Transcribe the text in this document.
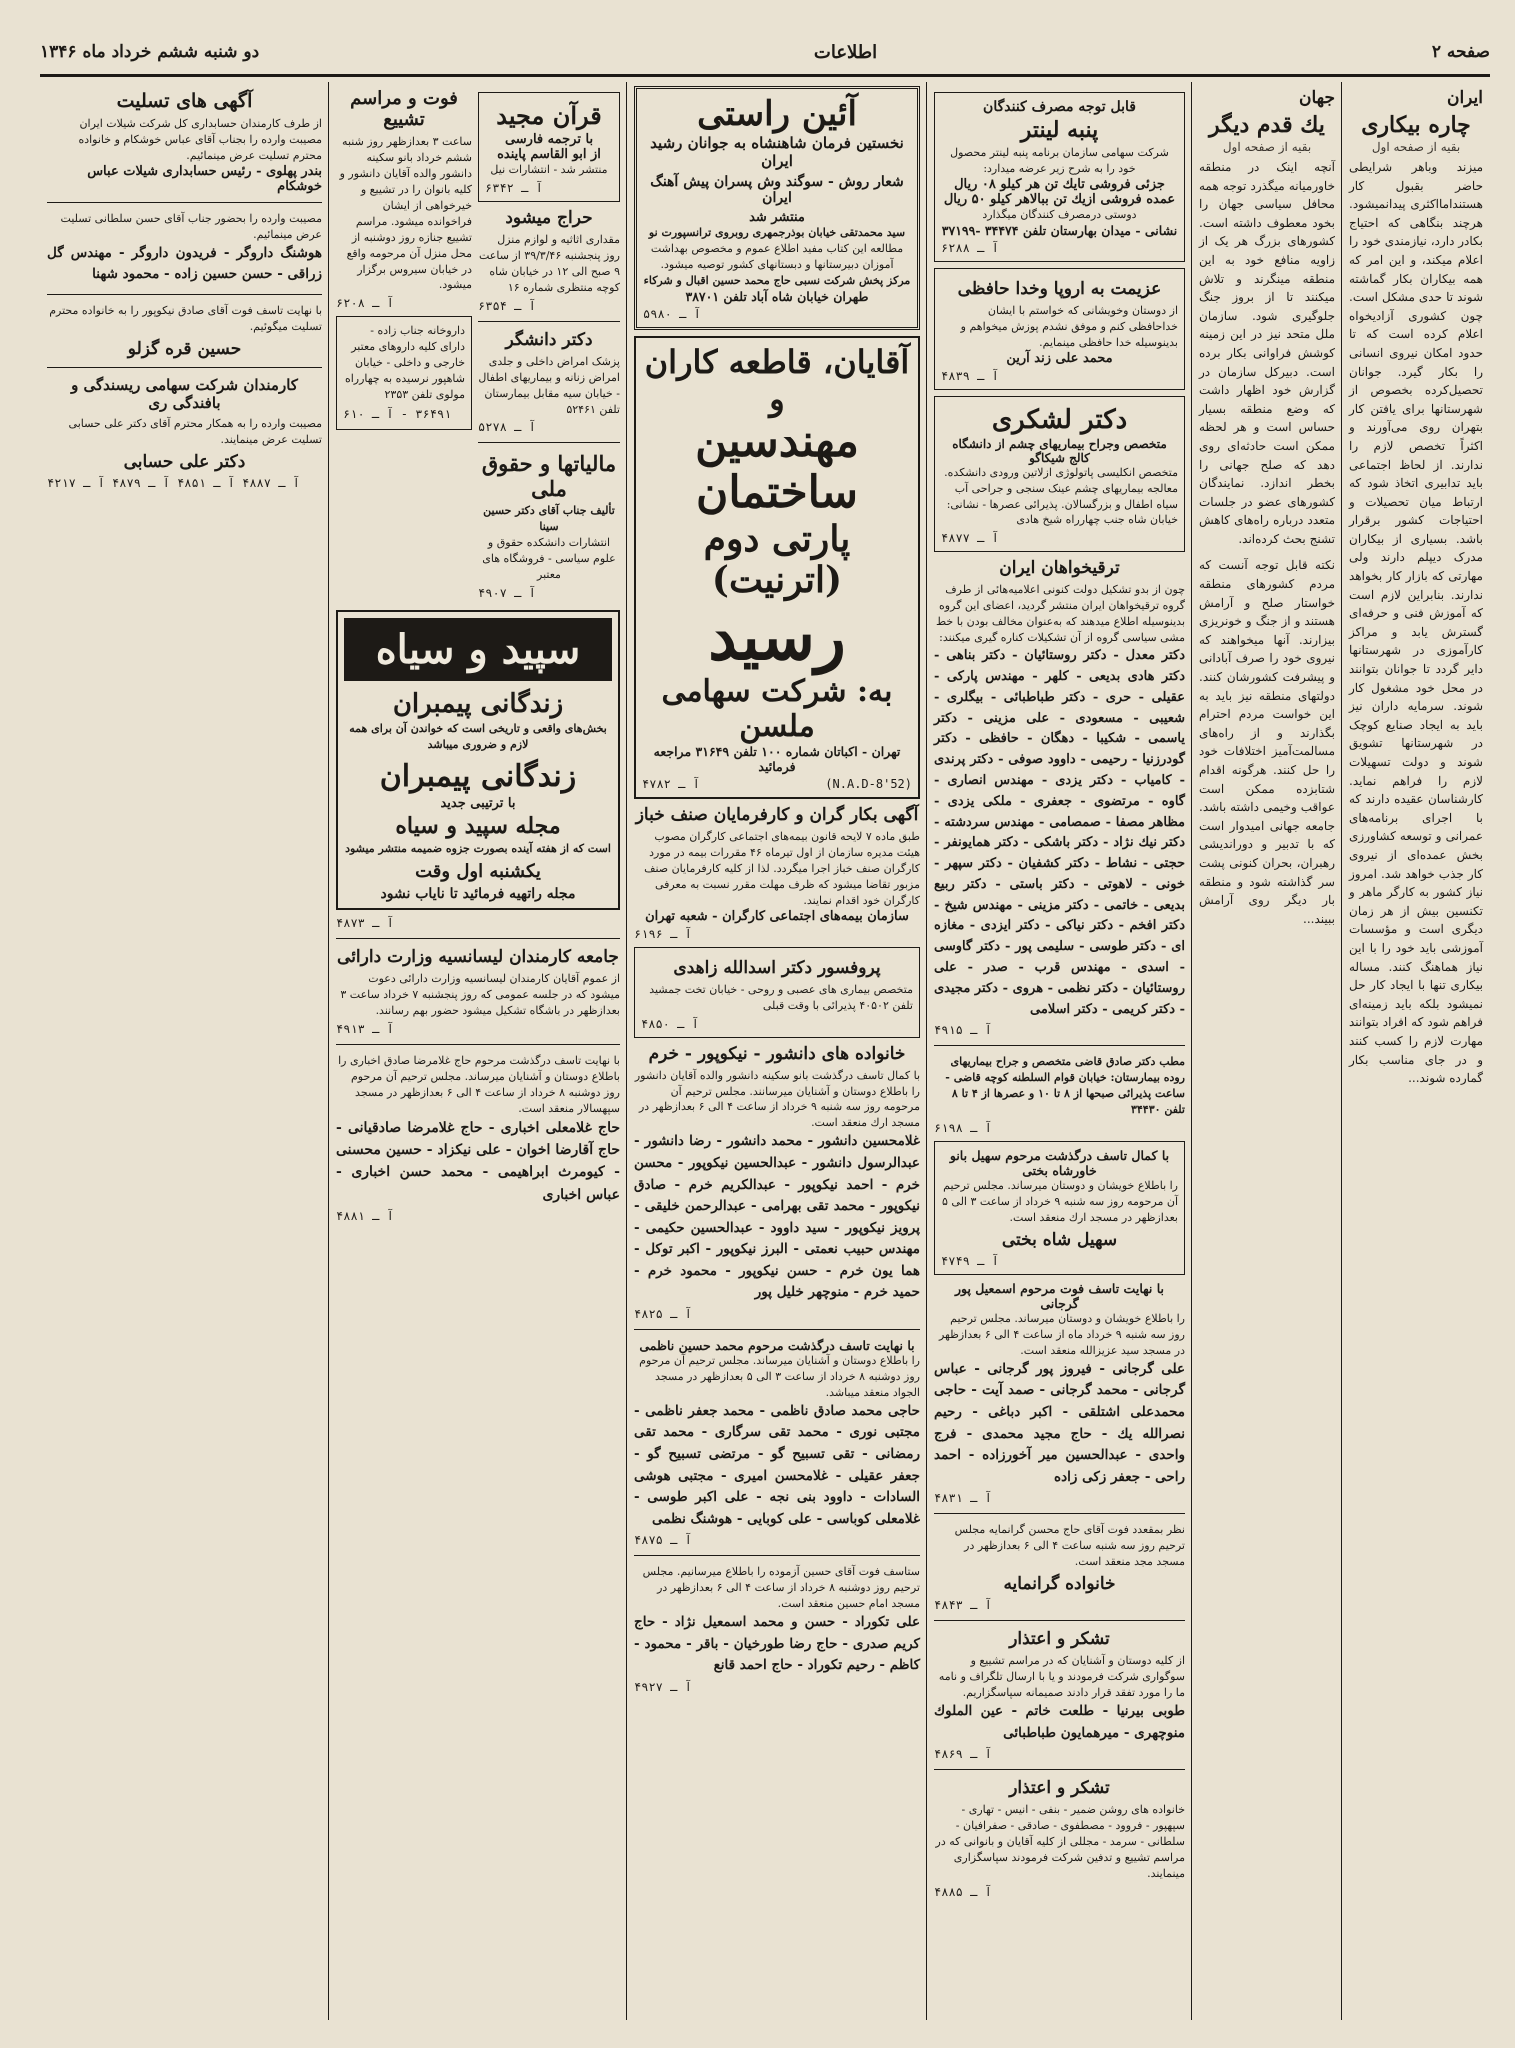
صفحه ۲
اطلاعات
دو شنبه ششم خرداد ماه ۱۳۴۶
ایران
چاره‌ بیکاری
بقیه از صفحه اول
میزند وباهر شرایطی حاضر بقبول کار هستندامااکثری پیدانمیشود. هرچند بنگاهی که احتیاج بکادر دارد، نیازمندی خود را اعلام میکند، و این امر که همه بیکاران بکار گماشته شوند تا حدی مشکل است. چون کشوری آزادیخواه اعلام کرده‌ است که تا حدود امکان نیروی انسانی را بکار گیرد. جوانان تحصیل‌کرده بخصوص از شهرستانها برای یافتن کار بتهران روی می‌آورند و اکثراً تخصص لازم را ندارند. از لحاظ اجتماعی باید تدابیری اتخاذ شود که ارتباط میان تحصیلات و احتیاجات کشور برقرار باشد. بسیاری از بیکاران مدرک دیپلم دارند ولی مهارتی که بازار کار بخواهد ندارند. بنابراین لازم است که آموزش فنی و حرفه‌ای گسترش یابد و مراکز کارآموزی در شهرستانها دایر گردد تا جوانان بتوانند در محل خود مشغول کار شوند. سرمایه‌ داران نیز باید به ایجاد صنایع کوچک در شهرستانها تشویق شوند و دولت تسهیلات لازم را فراهم نماید. کارشناسان عقیده دارند که با اجرای برنامه‌های عمرانی و توسعه کشاورزی بخش عمده‌ای از نیروی کار جذب خواهد شد. امروز نیاز کشور به کارگر ماهر و تکنسین بیش از هر زمان دیگری است و مؤسسات آموزشی باید خود را با این نیاز هماهنگ کنند. مساله‌ بیکاری تنها با ایجاد کار حل نمیشود بلکه باید زمینه‌ای فراهم شود که افراد بتوانند مهارت لازم را کسب کنند و در جای مناسب بکار گمارده شوند...
جهان
یك قدم دیگر
بقیه از صفحه اول
آنچه اینک در منطقه خاورمیانه میگذرد توجه همه محافل سیاسی جهان را بخود معطوف داشته است. کشورهای بزرگ هر یک از زاویه منافع خود به این منطقه مینگرند و تلاش میکنند تا از بروز جنگ جلوگیری شود. سازمان ملل متحد نیز در این زمینه کوشش فراوانی بکار برده است. دبیرکل سازمان در گزارش خود اظهار داشت که وضع منطقه بسیار حساس است و هر لحظه ممکن است حادثه‌ای روی دهد که صلح جهانی را بخطر اندازد. نمایندگان کشورهای عضو در جلسات متعدد درباره راه‌های کاهش تشنج بحث کرده‌اند.
نکته قابل توجه آنست که مردم کشورهای منطقه خواستار صلح و آرامش هستند و از جنگ و خونریزی بیزارند. آنها میخواهند که نیروی خود را صرف آبادانی و پیشرفت کشورشان کنند. دولتهای منطقه نیز باید به این خواست مردم احترام بگذارند و از راه‌های مسالمت‌آمیز اختلافات خود را حل کنند. هرگونه اقدام شتابزده ممکن است عواقب وخیمی داشته باشد. جامعه جهانی امیدوار است که با تدبیر و دوراندیشی رهبران، بحران کنونی پشت سر گذاشته شود و منطقه بار دیگر روی آرامش ببیند...
قابل توجه مصرف کنندگان
پنبه لینتر
شرکت سهامی سازمان برنامه پنبه لینتر محصول خود را به شرح زیر عرضه میدارد:
جزئی فروشی تایك تن هر كیلو ۰۸ ریال
عمده فروشی ازیك تن ببالاهر كیلو ۵۰ ریال
دوستی درمصرف کنندگان میگذارد
نشانی - میدان بهارستان تلفن ۳۴۴۷۴ -۳۷۱۹۹
آ ـ ۶۲۸۸
عزیمت به اروپا وخدا حافظی
از دوستان وخویشانی که خواستم با ایشان خداحافظی کنم و موفق نشدم پوزش میخواهم و بدینوسیله خدا حافظی مینمایم.
محمد علی زند آرین
آ ـ ۴۸۳۹
دکتر لشکری
متخصص وجراح بیماریهای چشم از دانشگاه کالج شیکاگو
متخصص انکلیسی پاتولوژی ازلاتین ورودی دانشکده. معالجه بیماریهای چشم عینک سنجی و جراحی آب سیاه اطفال و بزرگسالان. پذیرائی عصرها - نشانی: خیابان شاه جنب چهارراه شیخ هادی
آ ـ ۴۸۷۷
ترقیخواهان ایران
چون از بدو تشکیل دولت کنونی اعلامیه‌هائی از طرف گروه ترقیخواهان ایران منتشر گردید، اعضای این گروه بدینوسیله اطلاع میدهند که به‌عنوان مخالف بودن با خط مشی سیاسی گروه از آن تشکیلات کناره گیری میکنند:
دکتر معدل - دکتر روستائیان - دکتر بناهی - دکتر هادی بدیعی - کلهر - مهندس پارکی - عقیلی - حری - دکتر طباطبائی - بیگلری - شعیبی - مسعودی - علی مزینی - دکتر یاسمی - شکیبا - دهگان - حافظی - دکتر گودرزنیا - رحیمی - داوود صوفی - دکتر پرندی - کامیاب - دکتر یزدی - مهندس انصاری - گاوه - مرتضوی - جعفری - ملکی یزدی - مظاهر مصفا - صمصامی - مهندس سردشته - دکتر نیك نژاد - دکتر باشکی - دکتر همایونفر - حجتی - نشاط - دکتر کشفیان - دکتر سپهر - خونی - لاهوتی - دکتر باستی - دکتر ربیع بدیعی - خاتمی - دکتر مزینی - مهندس شیخ - دکتر افخم - دکتر نیاکی - دکتر ایزدی - مغازه ای - دکتر طوسی - سلیمی پور - دکتر گاوسی - اسدی - مهندس قرب - صدر - علی روستائیان - دکتر نظمی - هروی - دکتر مجیدی - دکتر کریمی - دکتر اسلامی
آ ـ ۴۹۱۵
مطب دکتر صادق قاضی متخصص و جراح بیماریهای روده بیمارستان: خیابان قوام السلطنه کوچه قاضی - ساعت پذیرائی صبحها از ۸ تا ۱۰ و عصرها از ۴ تا ۸ تلفن ۳۴۴۳۰
آ ـ ۶۱۹۸
با کمال تاسف درگذشت مرحوم سهیل بانو خاورشاه بختی
را باطلاع خویشان و دوستان میرساند. مجلس ترحیم آن مرحومه روز سه شنبه ۹ خرداد از ساعت ۳ الی ۵ بعدازظهر در مسجد ارك منعقد است.
سهیل شاه بختی
آ ـ ۴۷۴۹
با نهایت تاسف فوت مرحوم اسمعیل پور گرجانی
را باطلاع خویشان و دوستان میرساند. مجلس ترحیم روز سه شنبه ۹ خرداد ماه از ساعت ۴ الی ۶ بعدازظهر در مسجد سید عزیزالله منعقد است.
علی گرجانی - فیروز پور گرجانی - عباس گرجانی - محمد گرجانی - صمد آیت - حاجی محمدعلی اشتلقی - اکبر دباغی - رحیم نصرالله یك - حاج مجید محمدی - فرج واحدی - عبدالحسین میر آخورزاده - احمد راحی - جعفر زکی زاده
آ ـ ۴۸۳۱
نظر بمقعدد فوت آقای حاج محسن گرانمایه مجلس ترحیم روز سه شنبه ساعت ۴ الی ۶ بعدازظهر در مسجد مجد منعقد است.
خانواده گرانمایه
آ ـ ۴۸۴۳
تشکر و اعتذار
از کلیه دوستان و آشنایان که در مراسم تشییع و سوگواری شرکت فرمودند و یا با ارسال تلگراف و نامه ما را مورد تفقد قرار دادند صمیمانه سپاسگزاریم.
طوبی بیرنیا - طلعت خاتم - عین الملوك منوچهری - میرهمایون طباطبائی
آ ـ ۴۸۶۹
تشکر و اعتذار
خانواده های روشن ضمیر - بنفی - انیس - تهاری - سپهپور - فروود - مصطفوی - صادقی - صفرافیان - سلطانی - سرمد - مجللی از کلیه آقایان و بانوانی که در مراسم تشییع و تدفین شرکت فرمودند سپاسگزاری مینمایند.
آ ـ ۴۸۸۵
آئین راستی
نخستین فرمان شاهنشاه به جوانان رشید ایران
شعار روش - سوگند وش پسران پیش آهنگ ایران
منتشر شد
سید محمدتقی خیابان بوذرجمهری روبروی ترانسپورت نو
مطالعه این کتاب مفید اطلاع عموم و مخصوص بهداشت آموزان دبیرستانها و دبستانهای کشور توصیه میشود.
مرکز پخش شرکت نسبی حاج محمد حسین اقبال و شرکاء
طهران خیابان شاه آباد تلفن ۳۸۷۰۱
آ ـ ۵۹۸۰
آقایان، قاطعه کاران و
مهندسین ساختمان
پارتی دوم (اترنیت)
رسید
به: شرکت سهامی ملسن
تهران - اکباتان شماره ۱۰۰ تلفن ۳۱۶۴۹ مراجعه فرمائید
آ ـ ۴۷۸۲	(N.A.D-8'52)
آگهی بکار گران و کارفرمایان صنف خباز
طبق ماده ۷ لایحه قانون بیمه‌های اجتماعی کارگران مصوب هیئت مدیره سازمان از اول تیرماه ۴۶ مقررات بیمه در مورد کارگران صنف خباز اجرا میگردد. لذا از کلیه کارفرمایان صنف مزبور تقاضا میشود که ظرف مهلت مقرر نسبت به معرفی کارگران خود اقدام نمایند.
سازمان بیمه‌های اجتماعی کارگران - شعبه تهران
آ ـ ۶۱۹۶
پروفسور دکتر اسدالله زاهدی
متخصص بیماری های عصبی و روحی - خیابان تخت جمشید تلفن ۴۰۵۰۲ پذیرائی با وقت قبلی
آ ـ ۴۸۵۰
خانواده های دانشور - نیکوپور - خرم
با کمال تاسف درگذشت بانو سکینه دانشور والده آقایان دانشور را باطلاع دوستان و آشنایان میرسانند. مجلس ترحیم آن مرحومه روز سه شنبه ۹ خرداد از ساعت ۴ الی ۶ بعدازظهر در مسجد ارك منعقد است.
غلامحسین دانشور - محمد دانشور - رضا دانشور - عبدالرسول دانشور - عبدالحسین نیکوپور - محسن خرم - احمد نیکوپور - عبدالکریم خرم - صادق نیکوپور - محمد تقی بهرامی - عبدالرحمن خلیقی - پرویز نیکوپور - سید داوود - عبدالحسین حکیمی - مهندس حبیب نعمتی - البرز نیکوپور - اکبر توکل - هما یون خرم - حسن نیکوپور - محمود خرم - حمید خرم - منوچهر خلیل پور
آ ـ ۴۸۲۵
با نهایت تاسف درگذشت مرحوم محمد حسین ناظمی
را باطلاع دوستان و آشنایان میرساند. مجلس ترحیم آن مرحوم روز دوشنبه ۸ خرداد از ساعت ۳ الی ۵ بعدازظهر در مسجد الجواد منعقد میباشد.
حاجی محمد صادق ناظمی - محمد جعفر ناظمی - مجتبی نوری - محمد تقی سرگاری - محمد تقی رمضانی - تقی تسبیح گو - مرتضی تسبیح گو - جعفر عقیلی - غلامحسن امیری - مجتبی هوشی السادات - داوود بنی نجه - علی اکبر طوسی - غلامعلی کوباسی - علی کوبایی - هوشنگ نظمی
آ ـ ۴۸۷۵
ستاسف فوت آقای حسین آزموده را باطلاع میرسانیم. مجلس ترحیم روز دوشنبه ۸ خرداد از ساعت ۴ الی ۶ بعدازظهر در مسجد امام حسین منعقد است.
علی تکوراد - حسن و محمد اسمعیل نژاد - حاج کریم صدری - حاج رضا طورخیان - باقر - محمود - کاظم - رحیم تکوراد - حاج احمد قانع
آ ـ ۴۹۲۷
قرآن مجید
با ترجمه فارسی
از ابو القاسم پاینده
منتشر شد - انتشارات نیل
آ ـ ۶۳۴۲
حراج میشود
مقداری اثاثیه و لوازم منزل روز پنجشنبه ۳۹/۳/۴۶ از ساعت ۹ صبح الی ۱۲ در خیابان شاه کوچه منتظری شماره ۱۶
آ ـ ۶۳۵۴
دکتر دانشگر
پزشک امراض داخلی و جلدی امراض زنانه و بیماریهای اطفال - خیابان سیه مقابل بیمارستان تلفن ۵۲۴۶۱
آ ـ ۵۲۷۸
مالیاتها و حقوق ملی
تألیف جناب آقای دکتر حسین سینا
انتشارات دانشکده حقوق و علوم سیاسی - فروشگاه های معتبر
آ ـ ۴۹۰۷
فوت و مراسم تشییع
ساعت ۳ بعدازظهر روز شنبه ششم خرداد بانو سکینه دانشور والده آقایان دانشور و کلیه بانوان را در تشییع و خیرخواهی از ایشان فراخوانده میشود. مراسم تشییع جنازه روز دوشنبه از محل منزل آن مرحومه واقع در خیابان سیروس برگزار میشود.
آ ـ ۶۲۰۸
داروخانه جناب زاده - دارای کلیه داروهای معتبر خارجی و داخلی - خیابان شاهپور نرسیده به چهارراه مولوی تلفن ۲۳۵۳
۳۶۴۹۱ - آ ـ ۶۱۰
سپید و سیاه
زندگانی پیمبران
بخش‌های واقعی و تاریخی است که خواندن آن برای همه لازم و ضروری میباشد
زندگانی پیمبران
با ترتیبی جدید
مجله سپید و سیاه
است که از هفته آینده بصورت جزوه ضمیمه منتشر میشود
یکشنبه اول وقت
مجله راتهیه فرمائید تا نایاب نشود
آ ـ ۴۸۷۳
جامعه کارمندان لیسانسیه وزارت دارائی
از عموم آقایان کارمندان لیسانسیه وزارت دارائی دعوت میشود که در جلسه عمومی که روز پنجشنبه ۷ خرداد ساعت ۳ بعدازظهر در باشگاه تشکیل میشود حضور بهم رسانند.
آ ـ ۴۹۱۳
با نهایت تاسف درگذشت مرحوم حاج غلامرضا صادق اخباری را باطلاع دوستان و آشنایان میرساند. مجلس ترحیم آن مرحوم روز دوشنبه ۸ خرداد از ساعت ۴ الی ۶ بعدازظهر در مسجد سپهسالار منعقد است.
حاج غلامعلی اخباری - حاج غلامرضا صادقیانی - حاج آقارضا اخوان - علی نیکزاد - حسین محسنی - کیومرث ابراهیمی - محمد حسن اخباری - عباس اخباری
آ ـ ۴۸۸۱
آگهی های تسلیت
از طرف کارمندان حسابداری کل شرکت شیلات ایران مصیبت وارده را بجناب آقای عباس خوشکام و خانواده محترم تسلیت عرض مینمائیم.
بندر پهلوی - رئیس حسابداری شیلات عباس خوشکام
مصیبت وارده را بحضور جناب آقای حسن سلطانی تسلیت عرض مینمائیم.
هوشنگ داروگر - فریدون داروگر - مهندس گل زراقی - حسن حسین زاده - محمود شهنا
با نهایت تاسف فوت آقای صادق نیکوپور را به خانواده محترم تسلیت میگوئیم.
حسین قره گزلو
کارمندان شرکت سهامی ریسندگی و بافندگی ری
مصیبت وارده را به همکار محترم آقای دکتر علی حسابی تسلیت عرض مینمایند.
دکتر علی حسابی
آ ـ ۴۸۸۷ آ ـ ۴۸۵۱ آ ـ ۴۸۷۹ آ ـ ۴۲۱۷
